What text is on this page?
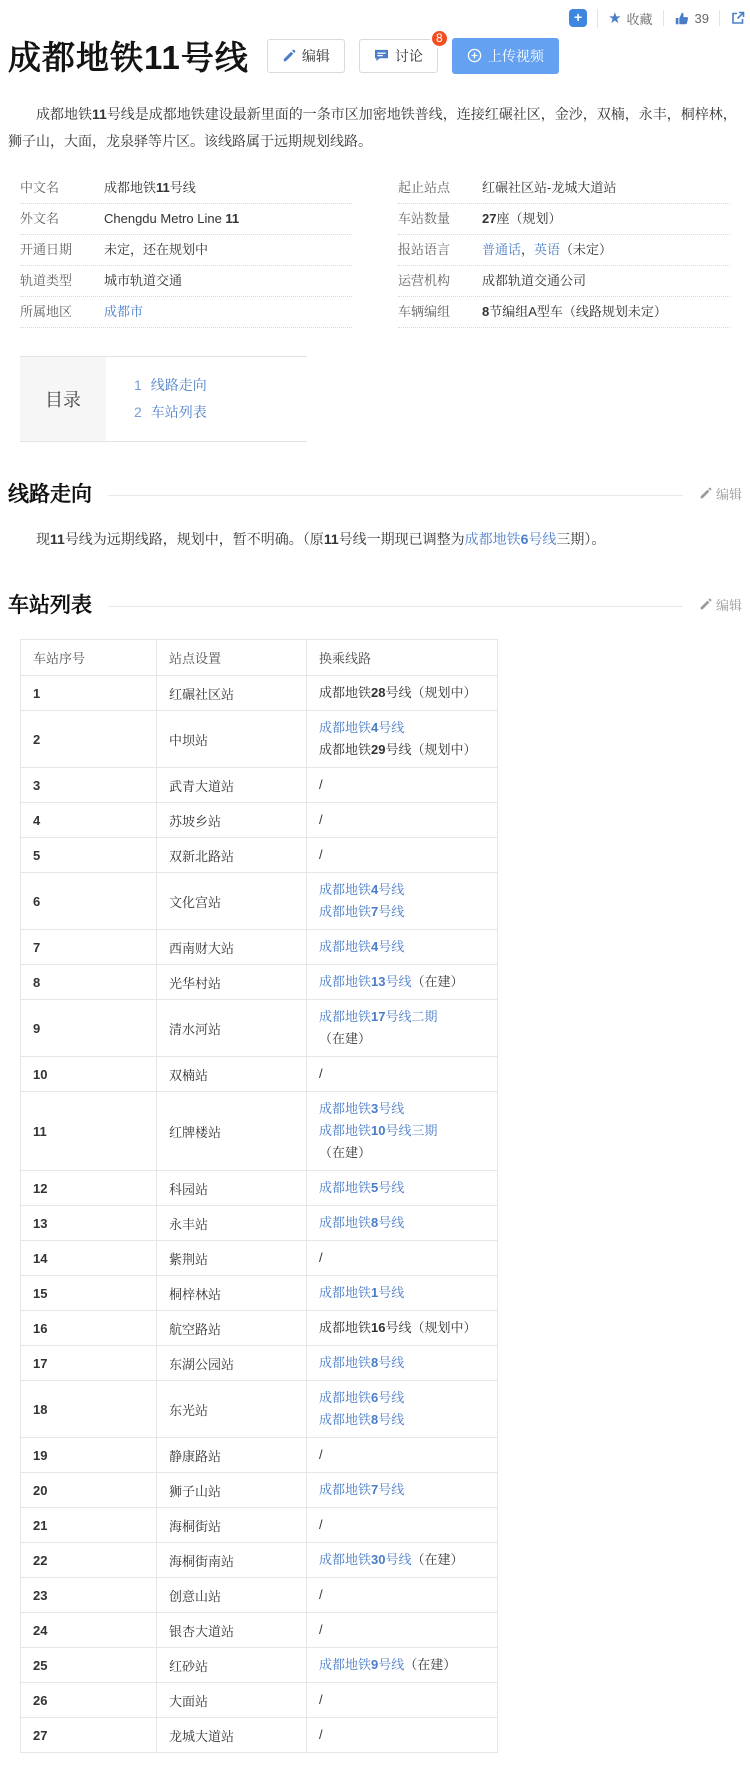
+	★ 收藏	39
成都地铁11号线	编辑	讨论
8
上传视频

成都地铁11号线是成都地铁建设最新里面的一条市区加密地铁普线，连接红碾社区，金沙，双楠，永丰，桐梓林，狮子山，大面，龙泉驿等片区。该线路属于远期规划线路。

中文名	成都地铁11号线
外文名	Chengdu Metro Line 11
开通日期	未定，还在规划中
轨道类型	城市轨道交通
所属地区	成都市
起止站点	红碾社区站-龙城大道站
车站数量	27座（规划）
报站语言	普通话，英语（未定）
运营机构	成都轨道交通公司
车辆编组	8节编组A型车（线路规划未定）
目录
1 线路走向
2 车站列表
线路走向	编辑

现11号线为远期线路，规划中，暂不明确。（原11号线一期现已调整为成都地铁6号线三期）。

车站列表	编辑
车站序号	站点设置	换乘线路
1	红碾社区站	成都地铁28号线（规划中）

2	中坝站	成都地铁4号线
成都地铁29号线（规划中）

3	武青大道站	/

4	苏坡乡站	/

5	双新北路站	/

6	文化宫站	成都地铁4号线
成都地铁7号线

7	西南财大站	成都地铁4号线

8	光华村站	成都地铁13号线（在建）

9	清水河站	成都地铁17号线二期（在建）

10	双楠站	/

11	红牌楼站	成都地铁3号线
成都地铁10号线三期（在建）

12	科园站	成都地铁5号线

13	永丰站	成都地铁8号线

14	紫荆站	/

15	桐梓林站	成都地铁1号线

16	航空路站	成都地铁16号线（规划中）

17	东湖公园站	成都地铁8号线

18	东光站	成都地铁6号线
成都地铁8号线

19	静康路站	/

20	狮子山站	成都地铁7号线

21	海桐街站	/

22	海桐街南站	成都地铁30号线（在建）

23	创意山站	/

24	银杏大道站	/

25	红砂站	成都地铁9号线（在建）

26	大面站	/

27	龙城大道站	/
